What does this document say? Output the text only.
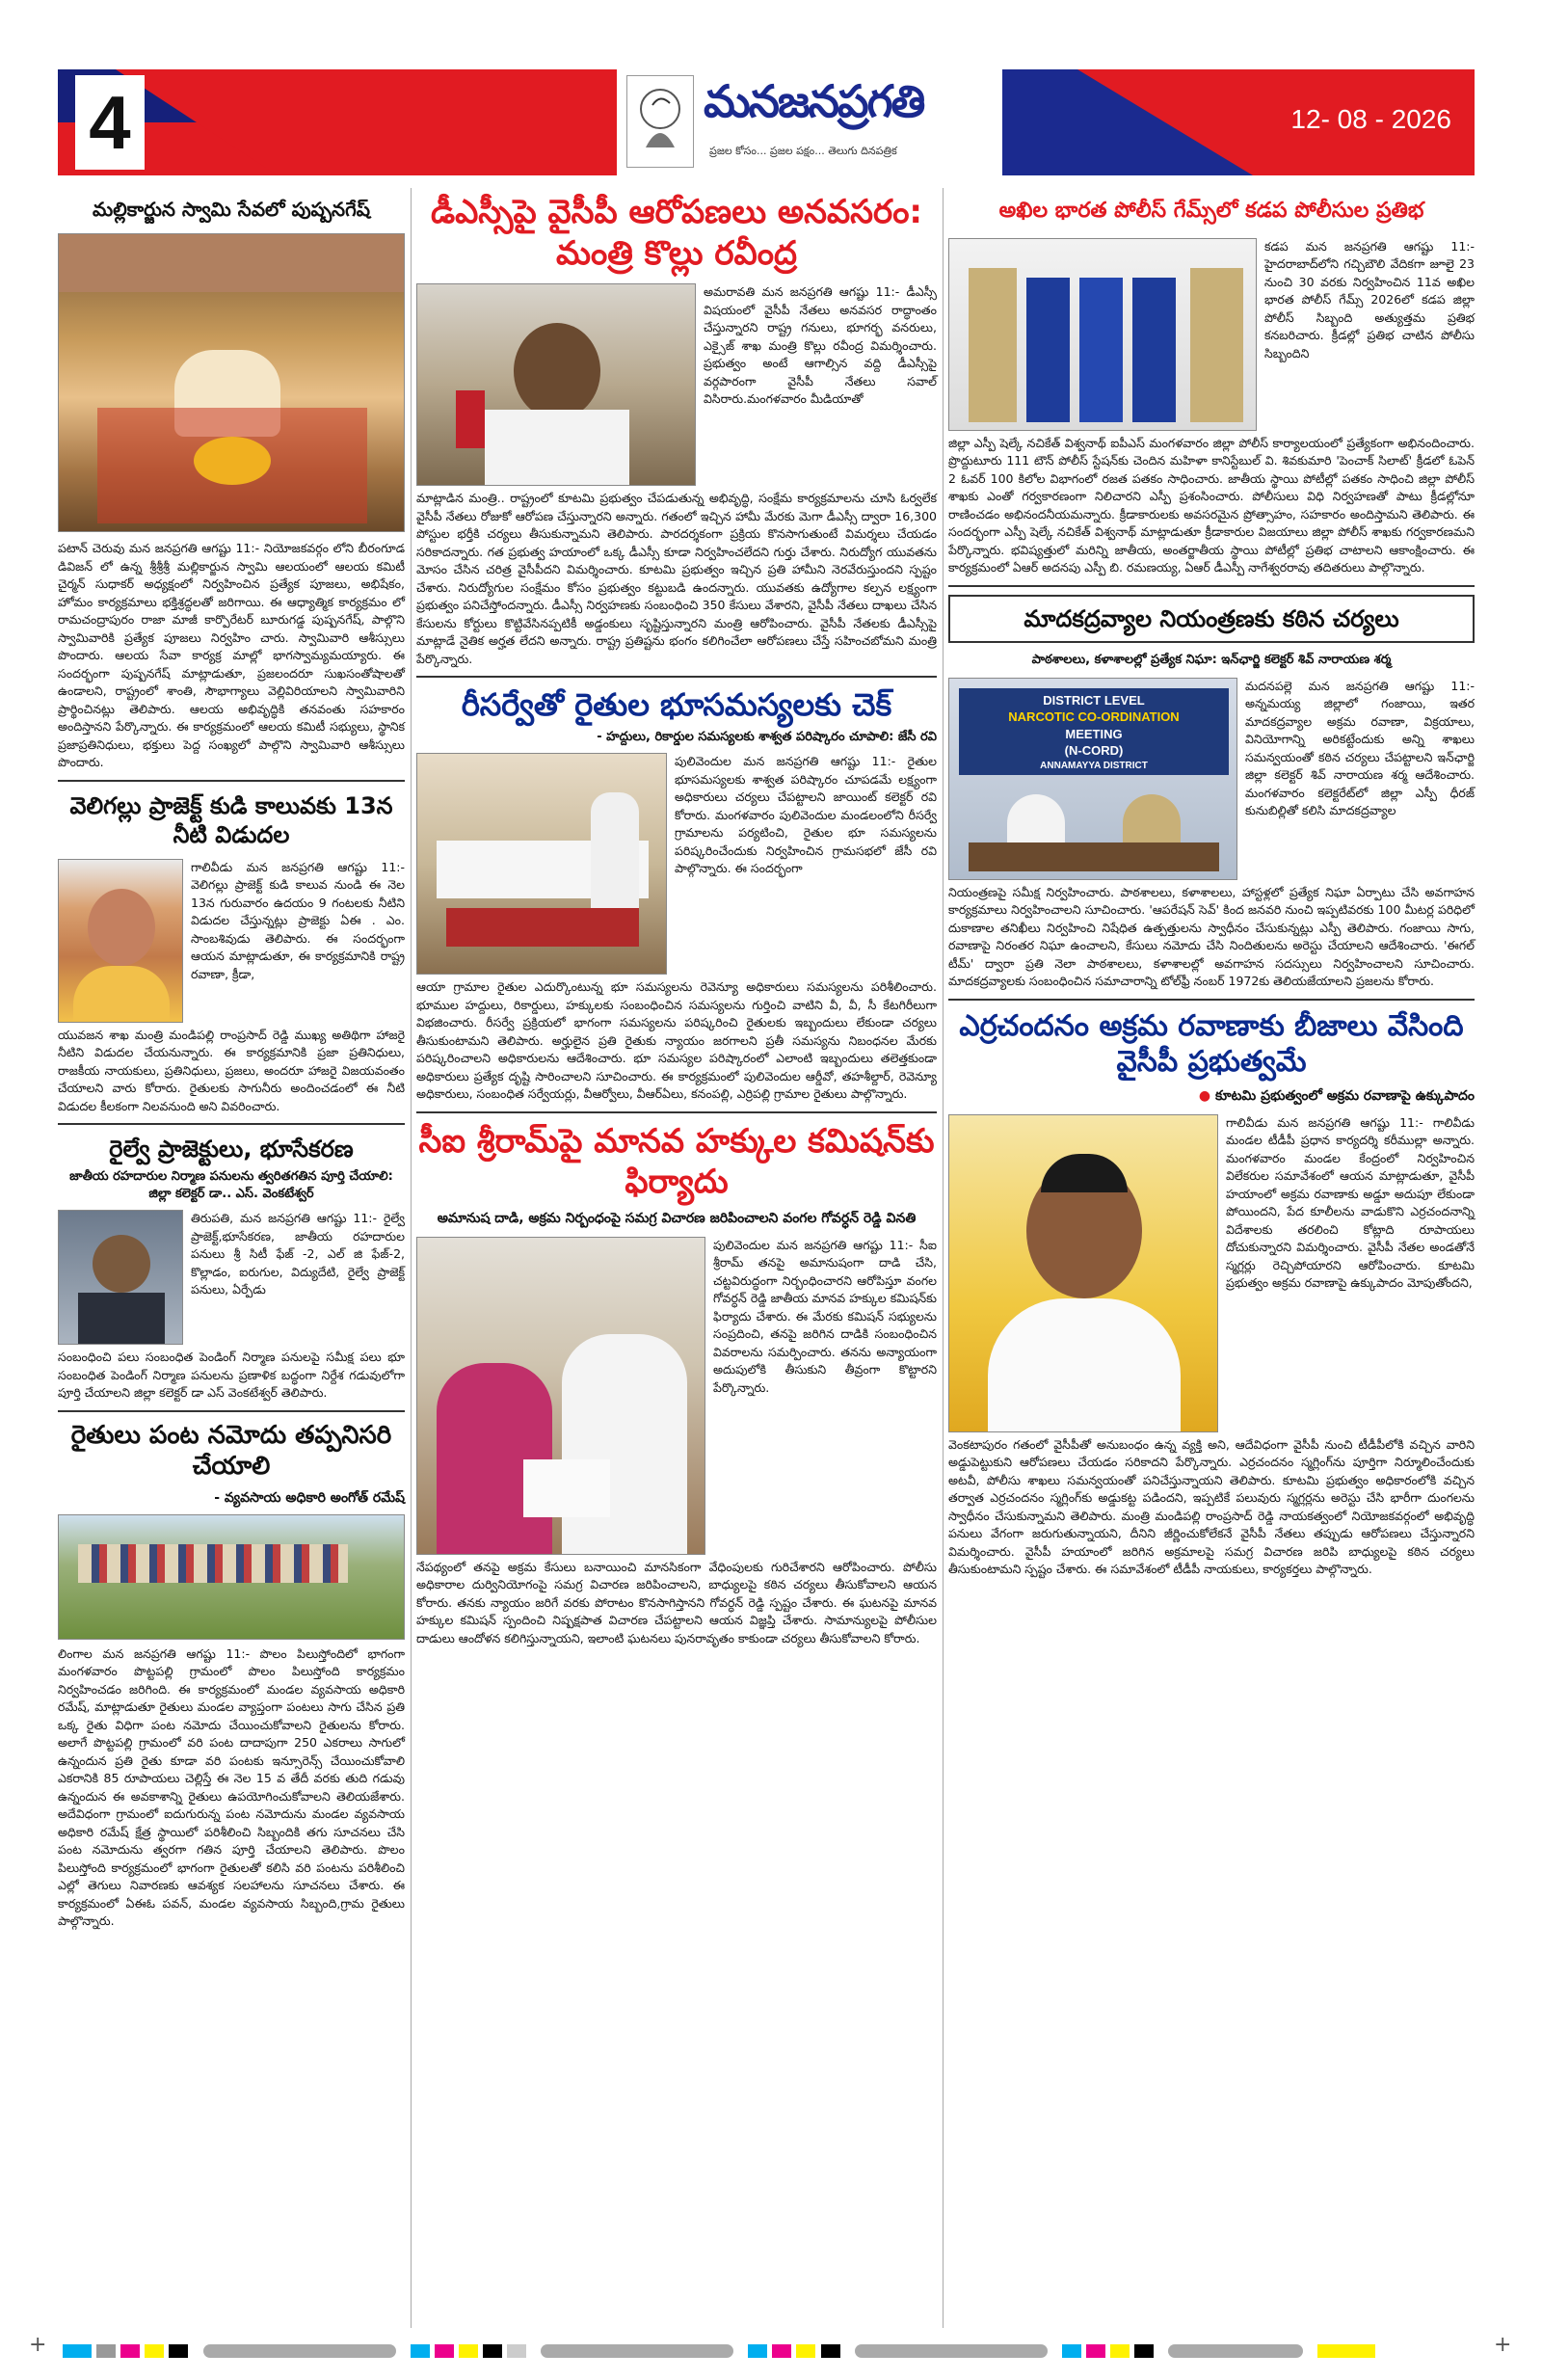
4	మనజనప్రగతి
ప్రజల కోసం... ప్రజల పక్షం... తెలుగు దినపత్రిక
12- 08 - 2026
మల్లికార్జున స్వామి సేవలో పుష్పనగేష్
పటాన్ చెరువు మన జనప్రగతి ఆగష్టు 11:- నియోజకవర్గం లోని బీరంగూడ డివిజన్ లో ఉన్న శ్రీశ్రీశ్రీ మల్లికార్జున స్వామి ఆలయంలో ఆలయ కమిటీ చైర్మన్ సుధాకర్ అధ్యక్షంలో నిర్వహించిన ప్రత్యేక పూజలు, అభిషేకం, హోమం కార్యక్రమాలు భక్తిశ్రద్ధలతో జరిగాయి. ఈ ఆధ్యాత్మిక కార్యక్రమం లో రామచంద్రాపురం రాజా మాజీ కార్పొరేటర్ బూరుగడ్డ పుష్పనగేష్, పాల్గొని స్వామివారికి ప్రత్యేక పూజలు నిర్వహిం చారు. స్వామివారి ఆశీస్సులు పొందారు. ఆలయ సేవా కార్యక్ర మాల్లో భాగస్వామ్యమయ్యారు. ఈ సందర్భంగా పుష్పనగేష్ మాట్లాడుతూ, ప్రజలందరూ సుఖసంతోషాలతో ఉండాలని, రాష్ట్రంలో శాంతి, సౌభాగ్యాలు వెల్లివిరియాలని స్వామివారిని ప్రార్థించినట్లు తెలిపారు. ఆలయ అభివృద్ధికి తనవంతు సహకారం అందిస్తానని పేర్కొన్నారు. ఈ కార్యక్రమంలో ఆలయ కమిటీ సభ్యులు, స్థానిక ప్రజాప్రతినిధులు, భక్తులు పెద్ద సంఖ్యలో పాల్గొని స్వామివారి ఆశీస్సులు పొందారు.
వెలిగల్లు ప్రాజెక్ట్ కుడి కాలువకు 13న నీటి విడుదల
గాలివీడు మన జనప్రగతి ఆగష్టు 11:- వెలిగల్లు ప్రాజెక్ట్ కుడి కాలువ నుండి ఈ నెల 13న గురువారం ఉదయం 9 గంటలకు నీటిని విడుదల చేస్తున్నట్లు ప్రాజెక్టు ఏఈ . ఎం. సాంబశివుడు తెలిపారు. ఈ సందర్భంగా ఆయన మాట్లాడుతూ, ఈ కార్యక్రమానికి రాష్ట్ర రవాణా, క్రీడా,
యువజన శాఖ మంత్రి మండిపల్లి రాంప్రసాద్ రెడ్డి ముఖ్య అతిథిగా హాజరై నీటిని విడుదల చేయనున్నారు. ఈ కార్యక్రమానికి ప్రజా ప్రతినిధులు, రాజకీయ నాయకులు, ప్రతినిధులు, ప్రజలు, అందరూ హాజరై విజయవంతం చేయాలని వారు కోరారు. రైతులకు సాగునీరు అందించడంలో ఈ నీటి విడుదల కీలకంగా నిలవనుంది అని వివరించారు.
రైల్వే ప్రాజెక్టులు, భూసేకరణ
జాతీయ రహదారుల నిర్మాణ పనులను త్వరితగతిన పూర్తి చేయాలి: జిల్లా కలెక్టర్ డా.. ఎస్. వెంకటేశ్వర్
తిరుపతి, మన జనప్రగతి ఆగష్టు 11:- రైల్వే ప్రాజెక్ట్,భూసేకరణ, జాతీయ రహదారుల పనులు శ్రీ సిటీ ఫేజ్ -2, ఎల్ జి ఫేజ్-2, కొల్లాడం, ఐరుగుల, విద్యుదేటి, రైల్వే ప్రాజెక్ట్ పనులు, ఏర్పేడు
సంబంధించి పలు సంబంధిత పెండింగ్ నిర్మాణ పనులపై సమీక్ష పలు భూ సంబంధిత పెండింగ్ నిర్మాణ పనులను ప్రణాళిక బద్ధంగా నిర్దేశ గడువులోగా పూర్తి చేయాలని జిల్లా కలెక్టర్ డా ఎస్ వెంకటేశ్వర్ తెలిపారు.
రైతులు పంట నమోదు తప్పనిసరి చేయాలి
- వ్యవసాయ అధికారి అంగోత్ రమేష్
లింగాల మన జనప్రగతి ఆగష్టు 11:- పొలం పిలుస్తోందిలో భాగంగా మంగళవారం పొట్టపల్లి గ్రామంలో పొలం పిలుస్తోంది కార్యక్రమం నిర్వహించడం జరిగింది. ఈ కార్యక్రమంలో మండల వ్యవసాయ అధికారి రమేష్, మాట్లాడుతూ రైతులు మండల వ్యాప్తంగా పంటలు సాగు చేసిన ప్రతి ఒక్క రైతు విధిగా పంట నమోదు చేయించుకోవాలని రైతులను కోరారు. అలాగే పొట్టపల్లి గ్రామంలో వరి పంట దాదాపుగా 250 ఎకరాలు సాగులో ఉన్నందున ప్రతి రైతు కూడా వరి పంటకు ఇన్సూరెన్స్ చేయించుకోవాలి ఎకరానికి 85 రూపాయలు చెల్లిస్తే ఈ నెల 15 వ తేదీ వరకు తుది గడువు ఉన్నందున ఈ అవకాశాన్ని రైతులు ఉపయోగించుకోవాలని తెలియజేశారు. అదేవిధంగా గ్రామంలో ఐదుగురున్న పంట నమోదును మండల వ్యవసాయ అధికారి రమేష్ క్షేత్ర స్థాయిలో పరిశీలించి సిబ్బందికి తగు సూచనలు చేసి పంట నమోదును త్వరగా గతిన పూర్తి చేయాలని తెలిపారు. పొలం పిలుస్తోంది కార్యక్రమంలో భాగంగా రైతులతో కలిసి వరి పంటను పరిశీలించి ఎల్లో తెగులు నివారణకు ఆవశ్యక సలహాలను సూచనలు చేశారు. ఈ కార్యక్రమంలో ఏఈఓ పవన్, మండల వ్యవసాయ సిబ్బంది,గ్రామ రైతులు పాల్గొన్నారు.
డీఎస్సీపై వైసీపీ ఆరోపణలు అనవసరం: మంత్రి కొల్లు రవీంద్ర
అమరావతి మన జనప్రగతి ఆగష్టు 11:- డీఎస్సీ విషయంలో వైసీపీ నేతలు అనవసర రాద్ధాంతం చేస్తున్నారని రాష్ట్ర గనులు, భూగర్భ వనరులు, ఎక్సైజ్ శాఖ మంత్రి కొల్లు రవీంద్ర విమర్శించారు. ప్రభుత్వం అంటే ఆగాల్సిన వద్ది డీఎస్సీపై వర్గపారంగా వైసీపీ నేతలు సవాల్ విసిరారు.మంగళవారం మీడియాతో
మాట్లాడిన మంత్రి.. రాష్ట్రంలో కూటమి ప్రభుత్వం చేపడుతున్న అభివృద్ధి, సంక్షేమ కార్యక్రమాలను చూసి ఓర్వలేక వైసీపీ నేతలు రోజుకో ఆరోపణ చేస్తున్నారని అన్నారు. గతంలో ఇచ్చిన హామీ మేరకు మెగా డీఎస్సీ ద్వారా 16,300 పోస్టుల భర్తీకి చర్యలు తీసుకున్నామని తెలిపారు. పారదర్శకంగా ప్రక్రియ కొనసాగుతుంటే విమర్శలు చేయడం సరికాదన్నారు. గత ప్రభుత్వ హయాంలో ఒక్క డీఎస్సీ కూడా నిర్వహించలేదని గుర్తు చేశారు. నిరుద్యోగ యువతను మోసం చేసిన చరిత్ర వైసీపీదని విమర్శించారు. కూటమి ప్రభుత్వం ఇచ్చిన ప్రతి హామీని నెరవేరుస్తుందని స్పష్టం చేశారు. నిరుద్యోగుల సంక్షేమం కోసం ప్రభుత్వం కట్టుబడి ఉందన్నారు. యువతకు ఉద్యోగాల కల్పన లక్ష్యంగా ప్రభుత్వం పనిచేస్తోందన్నారు. డీఎస్సీ నిర్వహణకు సంబంధించి 350 కేసులు వేశారని, వైసీపీ నేతలు దాఖలు చేసిన కేసులను కోర్టులు కొట్టివేసినప్పటికీ అడ్డంకులు సృష్టిస్తున్నారని మంత్రి ఆరోపించారు. వైసీపీ నేతలకు డీఎస్సీపై మాట్లాడే నైతిక అర్హత లేదని అన్నారు. రాష్ట్ర ప్రతిష్టను భంగం కలిగించేలా ఆరోపణలు చేస్తే సహించబోమని మంత్రి పేర్కొన్నారు.
రీసర్వేతో రైతుల భూసమస్యలకు చెక్
- హద్దులు, రికార్డుల సమస్యలకు శాశ్వత పరిష్కారం చూపాలి: జేసీ రవి
పులివెందుల మన జనప్రగతి ఆగష్టు 11:- రైతుల భూసమస్యలకు శాశ్వత పరిష్కారం చూపడమే లక్ష్యంగా అధికారులు చర్యలు చేపట్టాలని జాయింట్ కలెక్టర్ రవి కోరారు. మంగళవారం పులివెందుల మండలంలోని రీసర్వే గ్రామాలను పర్యటించి, రైతుల భూ సమస్యలను పరిష్కరించేందుకు నిర్వహించిన గ్రామసభలో జేసీ రవి పాల్గొన్నారు. ఈ సందర్భంగా
ఆయా గ్రామాల రైతుల ఎదుర్కొంటున్న భూ సమస్యలను రెవెన్యూ అధికారులు సమస్యలను పరిశీలించారు. భూముల హద్దులు, రికార్డులు, హక్కులకు సంబంధించిన సమస్యలను గుర్తించి వాటిని వీ, వీ, సీ కేటగిరీలుగా విభజించారు. రీసర్వే ప్రక్రియలో భాగంగా సమస్యలను పరిష్కరించి రైతులకు ఇబ్బందులు లేకుండా చర్యలు తీసుకుంటామని తెలిపారు. అర్హులైన ప్రతి రైతుకు న్యాయం జరగాలని ప్రతీ సమస్యను నిబంధనల మేరకు పరిష్కరించాలని అధికారులను ఆదేశించారు. భూ సమస్యల పరిష్కారంలో ఎలాంటి ఇబ్బందులు తలెత్తకుండా అధికారులు ప్రత్యేక దృష్టి సారించాలని సూచించారు. ఈ కార్యక్రమంలో పులివెందుల ఆర్డీవో, తహశీల్దార్, రెవెన్యూ అధికారులు, సంబంధిత సర్వేయర్లు, వీఆర్వోలు, వీఆర్ఏలు, కనంపల్లి, ఎర్రిపల్లి గ్రామాల రైతులు పాల్గొన్నారు.
సీఐ శ్రీరామ్‌పై మానవ హక్కుల కమిషన్‌కు ఫిర్యాదు
అమానుష దాడి, అక్రమ నిర్బంధంపై సమగ్ర విచారణ జరిపించాలని వంగల గోవర్ధన్ రెడ్డి వినతి
పులివెందుల మన జనప్రగతి ఆగష్టు 11:- సీఐ శ్రీరామ్ తనపై అమానుషంగా దాడి చేసి, చట్టవిరుద్ధంగా నిర్బంధించారని ఆరోపిస్తూ వంగల గోవర్ధన్ రెడ్డి జాతీయ మానవ హక్కుల కమిషన్‌కు ఫిర్యాదు చేశారు. ఈ మేరకు కమిషన్ సభ్యులను సంప్రదించి, తనపై జరిగిన దాడికి సంబంధించిన వివరాలను సమర్పించారు. తనను అన్యాయంగా అదుపులోకి తీసుకుని తీవ్రంగా కొట్టారని పేర్కొన్నారు.
నేపథ్యంలో తనపై అక్రమ కేసులు బనాయించి మానసికంగా వేధింపులకు గురిచేశారని ఆరోపించారు. పోలీసు అధికారాల దుర్వినియోగంపై సమగ్ర విచారణ జరిపించాలని, బాధ్యులపై కఠిన చర్యలు తీసుకోవాలని ఆయన కోరారు. తనకు న్యాయం జరిగే వరకు పోరాటం కొనసాగిస్తానని గోవర్ధన్ రెడ్డి స్పష్టం చేశారు. ఈ ఘటనపై మానవ హక్కుల కమిషన్ స్పందించి నిష్పక్షపాత విచారణ చేపట్టాలని ఆయన విజ్ఞప్తి చేశారు. సామాన్యులపై పోలీసుల దాడులు ఆందోళన కలిగిస్తున్నాయని, ఇలాంటి ఘటనలు పునరావృతం కాకుండా చర్యలు తీసుకోవాలని కోరారు.
అఖిల భారత పోలీస్ గేమ్స్‌లో కడప పోలీసుల ప్రతిభ
కడప మన జనప్రగతి ఆగష్టు 11:- హైదరాబాద్‌లోని గచ్చిబౌలి వేదికగా జూలై 23 నుంచి 30 వరకు నిర్వహించిన 11వ అఖిల భారత పోలీస్ గేమ్స్ 2026లో కడప జిల్లా పోలీస్ సిబ్బంది అత్యుత్తమ ప్రతిభ కనబరిచారు. క్రీడల్లో ప్రతిభ చాటిన పోలీసు సిబ్బందిని
జిల్లా ఎస్పీ షెల్కే నచికేత్ విశ్వనాథ్ ఐపీఎస్ మంగళవారం జిల్లా పోలీస్ కార్యాలయంలో ప్రత్యేకంగా అభినందించారు. ప్రొద్దుటూరు 111 టౌన్ పోలీస్ స్టేషన్‌కు చెందిన మహిళా కానిస్టేబుల్ వి. శివకుమారి 'పెంచాక్ సిలాట్' క్రీడలో ఓపెన్ 2 ఓవర్ 100 కిలోల విభాగంలో రజత పతకం సాధించారు. జాతీయ స్థాయి పోటీల్లో పతకం సాధించి జిల్లా పోలీస్ శాఖకు ఎంతో గర్వకారణంగా నిలిచారని ఎస్పీ ప్రశంసించారు. పోలీసులు విధి నిర్వహణతో పాటు క్రీడల్లోనూ రాణించడం అభినందనీయమన్నారు. క్రీడాకారులకు అవసరమైన ప్రోత్సాహం, సహకారం అందిస్తామని తెలిపారు. ఈ సందర్భంగా ఎస్పీ షెల్కే నచికేత్ విశ్వనాథ్ మాట్లాడుతూ క్రీడాకారుల విజయాలు జిల్లా పోలీస్ శాఖకు గర్వకారణమని పేర్కొన్నారు. భవిష్యత్తులో మరిన్ని జాతీయ, అంతర్జాతీయ స్థాయి పోటీల్లో ప్రతిభ చాటాలని ఆకాంక్షించారు. ఈ కార్యక్రమంలో ఏఆర్ అదనపు ఎస్పీ బి. రమణయ్య, ఏఆర్ డీఎస్పీ నాగేశ్వరరావు తదితరులు పాల్గొన్నారు.
మాదకద్రవ్యాల నియంత్రణకు కఠిన చర్యలు
పాఠశాలలు, కళాశాలల్లో ప్రత్యేక నిఘా: ఇన్‌ఛార్జి కలెక్టర్ శివ్ నారాయణ శర్మ
DISTRICT LEVEL
NARCOTIC CO-ORDINATION
MEETING
(N-CORD)
ANNAMAYYA DISTRICT
మదనపల్లె మన జనప్రగతి ఆగష్టు 11:- అన్నమయ్య జిల్లాలో గంజాయి, ఇతర మాదకద్రవ్యాల అక్రమ రవాణా, విక్రయాలు, వినియోగాన్ని అరికట్టేందుకు అన్ని శాఖలు సమన్వయంతో కఠిన చర్యలు చేపట్టాలని ఇన్‌ఛార్జి జిల్లా కలెక్టర్ శివ్ నారాయణ శర్మ ఆదేశించారు. మంగళవారం కలెక్టరేట్‌లో జిల్లా ఎస్పీ ధీరజ్ కునుబిల్లితో కలిసి మాదకద్రవ్యాల
నియంత్రణపై సమీక్ష నిర్వహించారు. పాఠశాలలు, కళాశాలలు, హాస్టళ్లలో ప్రత్యేక నిఘా ఏర్పాటు చేసి అవగాహన కార్యక్రమాలు నిర్వహించాలని సూచించారు. 'ఆపరేషన్ సెవ్' కింద జనవరి నుంచి ఇప్పటివరకు 100 మీటర్ల పరిధిలో దుకాణాల తనిఖీలు నిర్వహించి నిషేధిత ఉత్పత్తులను స్వాధీనం చేసుకున్నట్లు ఎస్పీ తెలిపారు. గంజాయి సాగు, రవాణాపై నిరంతర నిఘా ఉంచాలని, కేసులు నమోదు చేసి నిందితులను అరెస్టు చేయాలని ఆదేశించారు. 'ఈగల్ టీమ్' ద్వారా ప్రతి నెలా పాఠశాలలు, కళాశాలల్లో అవగాహన సదస్సులు నిర్వహించాలని సూచించారు. మాదకద్రవ్యాలకు సంబంధించిన సమాచారాన్ని టోల్‌ఫ్రీ నంబర్ 1972కు తెలియజేయాలని ప్రజలను కోరారు.
ఎర్రచందనం అక్రమ రవాణాకు బీజాలు వేసింది వైసీపీ ప్రభుత్వమే
● కూటమి ప్రభుత్వంలో అక్రమ రవాణాపై ఉక్కుపాదం
గాలివీడు మన జనప్రగతి ఆగష్టు 11:- గాలివీడు మండల టీడీపీ ప్రధాన కార్యదర్శి కరీముల్లా అన్నారు. మంగళవారం మండల కేంద్రంలో నిర్వహించిన విలేకరుల సమావేశంలో ఆయన మాట్లాడుతూ, వైసీపీ హయాంలో అక్రమ రవాణాకు అడ్డూ అదుపూ లేకుండా పోయిందని, పేద కూలీలను వాడుకొని ఎర్రచందనాన్ని విదేశాలకు తరలించి కోట్లాది రూపాయలు దోచుకున్నారని విమర్శించారు. వైసీపీ నేతల అండతోనే స్మగ్లర్లు రెచ్చిపోయారని ఆరోపించారు. కూటమి ప్రభుత్వం అక్రమ రవాణాపై ఉక్కుపాదం మోపుతోందని,
వెంకటాపురం గతంలో వైసీపీతో అనుబంధం ఉన్న వ్యక్తి అని, ఆదేవిధంగా వైసీపీ నుంచి టీడీపీలోకి వచ్చిన వారిని అడ్డుపెట్టుకుని ఆరోపణలు చేయడం సరికాదని పేర్కొన్నారు. ఎర్రచందనం స్మగ్లింగ్‌ను పూర్తిగా నిర్మూలించేందుకు అటవీ, పోలీసు శాఖలు సమన్వయంతో పనిచేస్తున్నాయని తెలిపారు. కూటమి ప్రభుత్వం అధికారంలోకి వచ్చిన తర్వాత ఎర్రచందనం స్మగ్లింగ్‌కు అడ్డుకట్ట పడిందని, ఇప్పటికే పలువురు స్మగ్లర్లను అరెస్టు చేసి భారీగా దుంగలను స్వాధీనం చేసుకున్నామని తెలిపారు. మంత్రి మండిపల్లి రాంప్రసాద్ రెడ్డి నాయకత్వంలో నియోజకవర్గంలో అభివృద్ధి పనులు వేగంగా జరుగుతున్నాయని, దీనిని జీర్ణించుకోలేకనే వైసీపీ నేతలు తప్పుడు ఆరోపణలు చేస్తున్నారని విమర్శించారు. వైసీపీ హయాంలో జరిగిన అక్రమాలపై సమగ్ర విచారణ జరిపి బాధ్యులపై కఠిన చర్యలు తీసుకుంటామని స్పష్టం చేశారు. ఈ సమావేశంలో టీడీపీ నాయకులు, కార్యకర్తలు పాల్గొన్నారు.
+	+
